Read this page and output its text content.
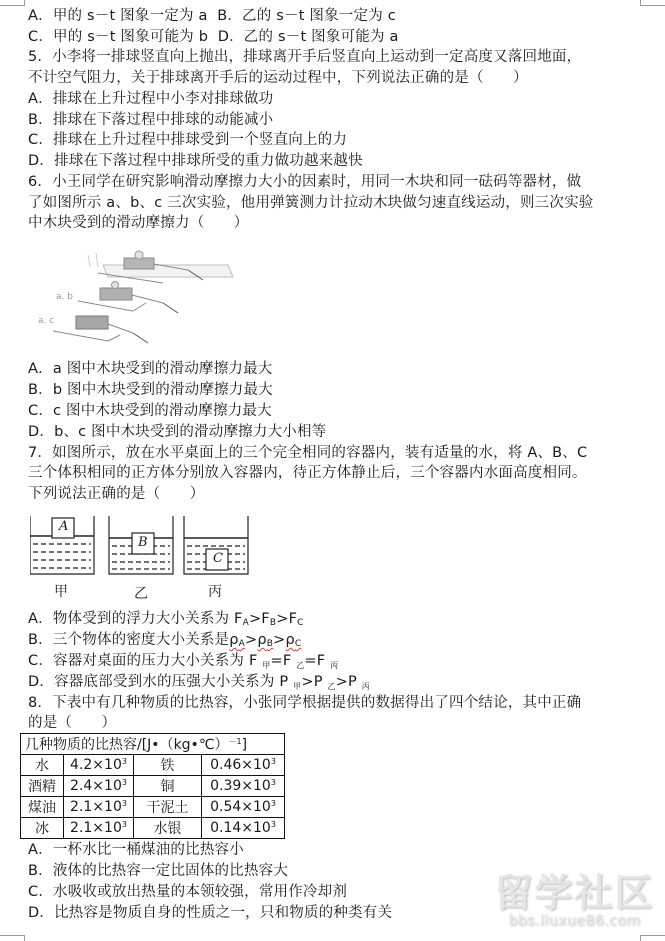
A．甲的 s－t 图象一定为 a B．乙的 s－t 图象一定为 c
C．甲的 s－t 图象可能为 b D．乙的 s－t 图象可能为 a
5．小李将一排球竖直向上抛出，排球离开手后竖直向上运动到一定高度又落回地面，
不计空气阻力，关于排球离开手后的运动过程中，下列说法正确的是（　　）
A．排球在上升过程中小李对排球做功
B．排球在下落过程中排球的动能减小
C．排球在上升过程中排球受到一个竖直向上的力
D．排球在下落过程中排球所受的重力做功越来越快
6．小王同学在研究影响滑动摩擦力大小的因素时，用同一木块和同一砝码等器材，做
了如图所示 a、b、c 三次实验，他用弹簧测力计拉动木块做匀速直线运动，则三次实验
中木块受到的滑动摩擦力（　　）
a. b
a. c
A．a 图中木块受到的滑动摩擦力最大
B．b 图中木块受到的滑动摩擦力最大
C．c 图中木块受到的滑动摩擦力最大
D．b、c 图中木块受到的滑动摩擦力大小相等
7．如图所示，放在水平桌面上的三个完全相同的容器内，装有适量的水，将 A、B、C
三个体积相同的正方体分别放入容器内，待正方体静止后，三个容器内水面高度相同。
下列说法正确的是（　　）
A
B
C
甲	乙	丙
A．物体受到的浮力大小关系为 $F_A>F_B>F_C$
B．三个物体的密度大小关系是$\rho_A>\rho_B>\rho_C$
C．容器对桌面的压力大小关系为 F $_甲$=F $_乙$=F $_丙$
D．容器底部受到水的压强大小关系为 P $_甲$>P $_乙$>P $_丙$
8．下表中有几种物质的比热容，小张同学根据提供的数据得出了四个结论，其中正确
的是（　　）
几种物质的比热容/[J•（kg•℃）$^{-1}$]			
水	$4.2\times 10^3$	铁	$0.46\times 10^3$
酒精	$2.4\times 10^3$	铜	$0.39\times 10^3$
煤油	$2.1\times 10^3$	干泥土	$0.54\times 10^3$
冰	$2.1\times 10^3$	水银	$0.14\times 10^3$
A．一杯水比一桶煤油的比热容小
B．液体的比热容一定比固体的比热容大
C．水吸收或放出热量的本领较强，常用作冷却剂
D．比热容是物质自身的性质之一，只和物质的种类有关	留学社区
bbs.liuxue86.com
